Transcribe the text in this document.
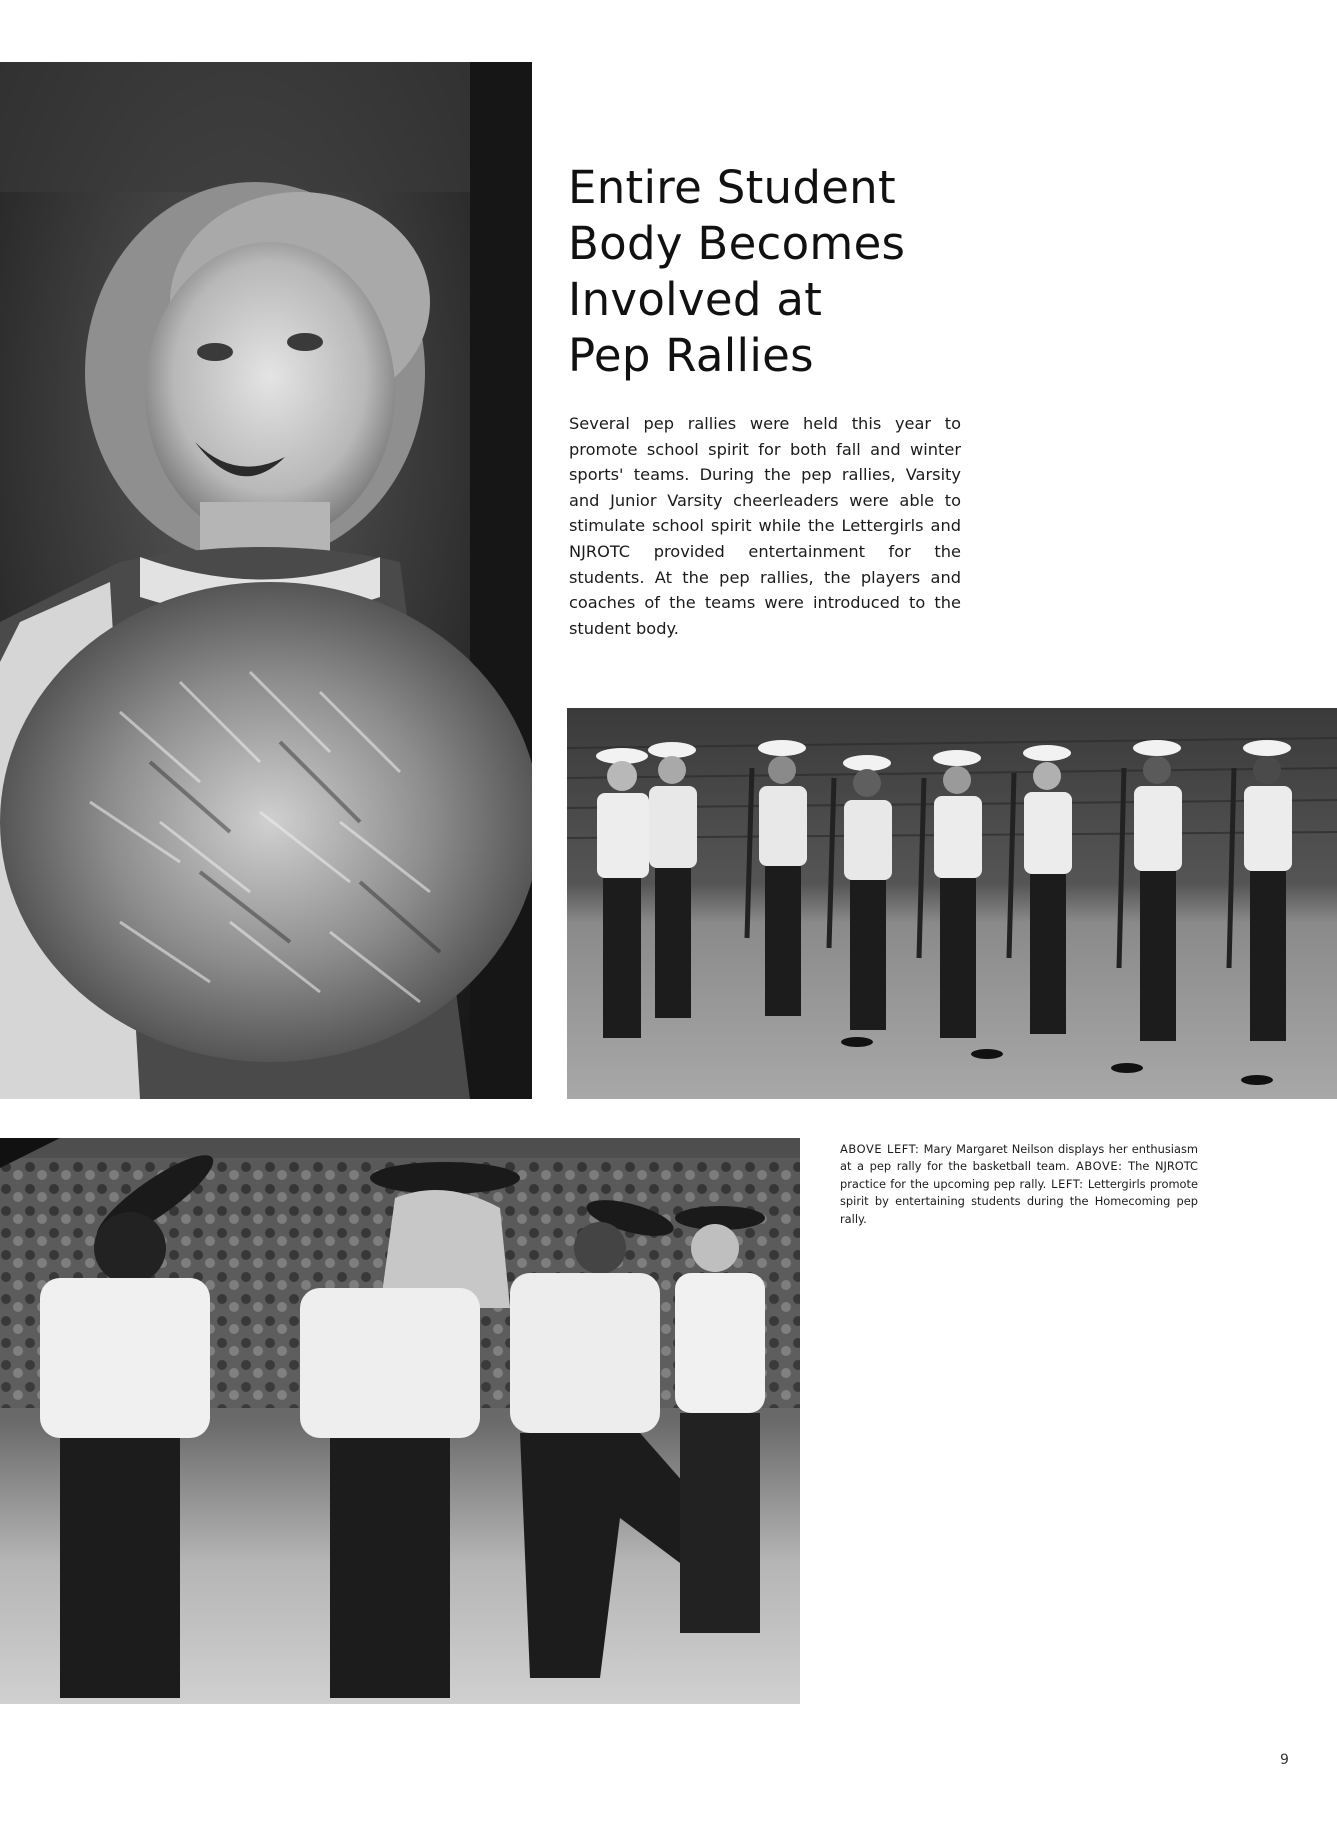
Entire Student
Body Becomes
Involved at
Pep Rallies

Several pep rallies were held this year to promote school spirit for both fall and winter sports' teams. During the pep rallies, Varsity and Junior Varsity cheerleaders were able to stimulate school spirit while the Lettergirls and NJROTC provided entertainment for the students. At the pep rallies, the players and coaches of the teams were introduced to the student body.

ABOVE LEFT: Mary Margaret Neilson displays her enthusiasm at a pep rally for the basketball team. ABOVE: The NJROTC practice for the upcoming pep rally. LEFT: Lettergirls promote spirit by entertaining students during the Homecoming pep rally.

9
